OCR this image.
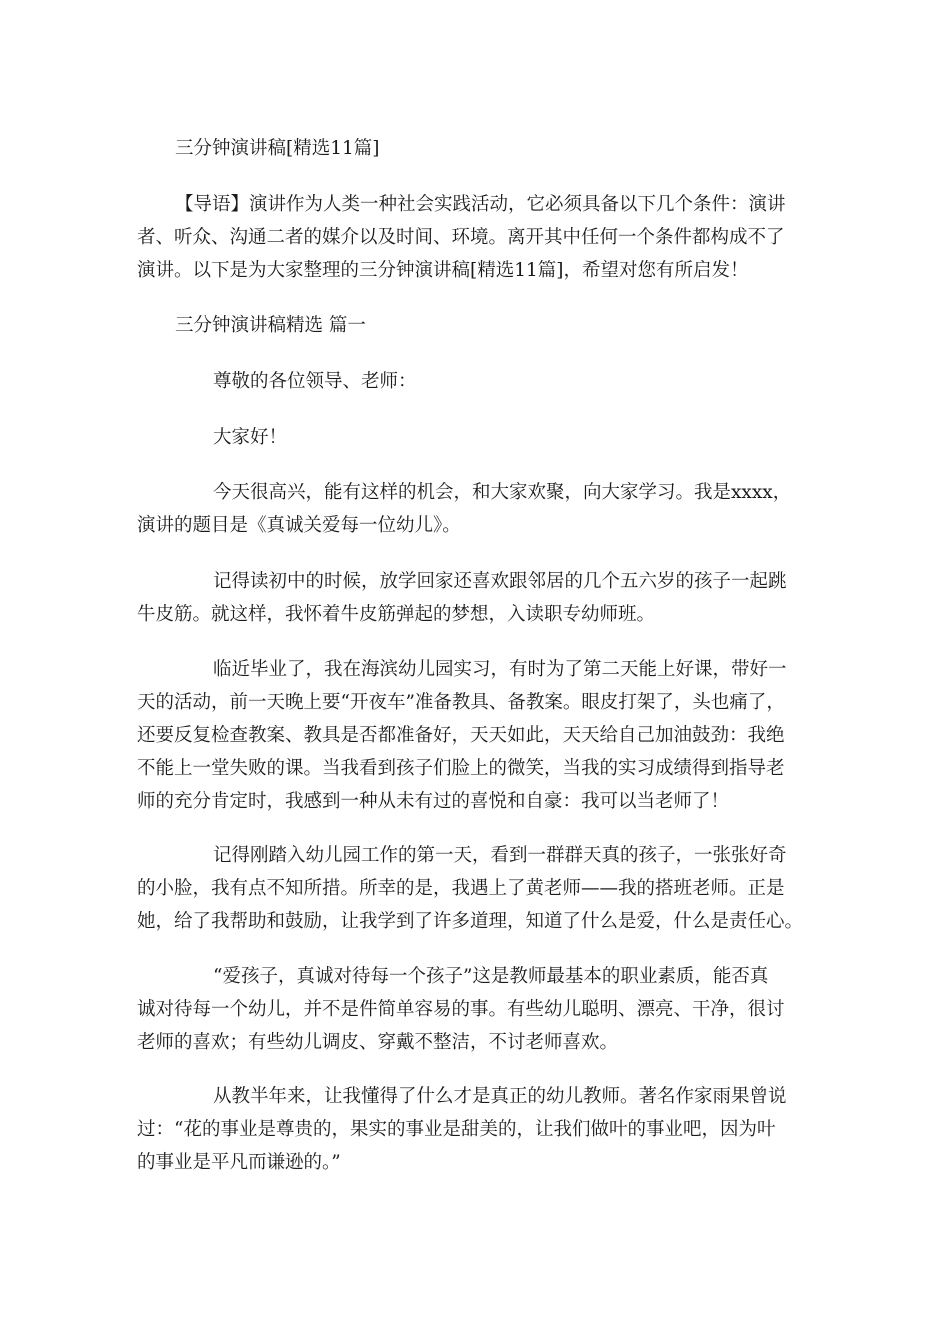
三分钟演讲稿[精选11篇]

【导语】演讲作为人类一种社会实践活动，它必须具备以下几个条件：演讲

者、听众、沟通二者的媒介以及时间、环境。离开其中任何一个条件都构成不了
演讲。以下是为大家整理的三分钟演讲稿[精选11篇]，希望对您有所启发！

三分钟演讲稿精选 篇一

尊敬的各位领导、老师：

大家好！

今天很高兴，能有这样的机会，和大家欢聚，向大家学习。我是xxxx，

演讲的题目是《真诚关爱每一位幼儿》。

记得读初中的时候，放学回家还喜欢跟邻居的几个五六岁的孩子一起跳

牛皮筋。就这样，我怀着牛皮筋弹起的梦想，入读职专幼师班。

临近毕业了，我在海滨幼儿园实习，有时为了第二天能上好课，带好一

天的活动，前一天晚上要“开夜车”准备教具、备教案。眼皮打架了，头也痛了，
还要反复检查教案、教具是否都准备好，天天如此，天天给自己加油鼓劲：我绝
不能上一堂失败的课。当我看到孩子们脸上的微笑，当我的实习成绩得到指导老
师的充分肯定时，我感到一种从未有过的喜悦和自豪：我可以当老师了！

记得刚踏入幼儿园工作的第一天，看到一群群天真的孩子，一张张好奇

的小脸，我有点不知所措。所幸的是，我遇上了黄老师——我的搭班老师。正是
她，给了我帮助和鼓励，让我学到了许多道理，知道了什么是爱，什么是责任心。

“爱孩子，真诚对待每一个孩子”这是教师最基本的职业素质，能否真

诚对待每一个幼儿，并不是件简单容易的事。有些幼儿聪明、漂亮、干净，很讨
老师的喜欢；有些幼儿调皮、穿戴不整洁，不讨老师喜欢。

从教半年来，让我懂得了什么才是真正的幼儿教师。著名作家雨果曾说

过：“花的事业是尊贵的，果实的事业是甜美的，让我们做叶的事业吧，因为叶
的事业是平凡而谦逊的。”
